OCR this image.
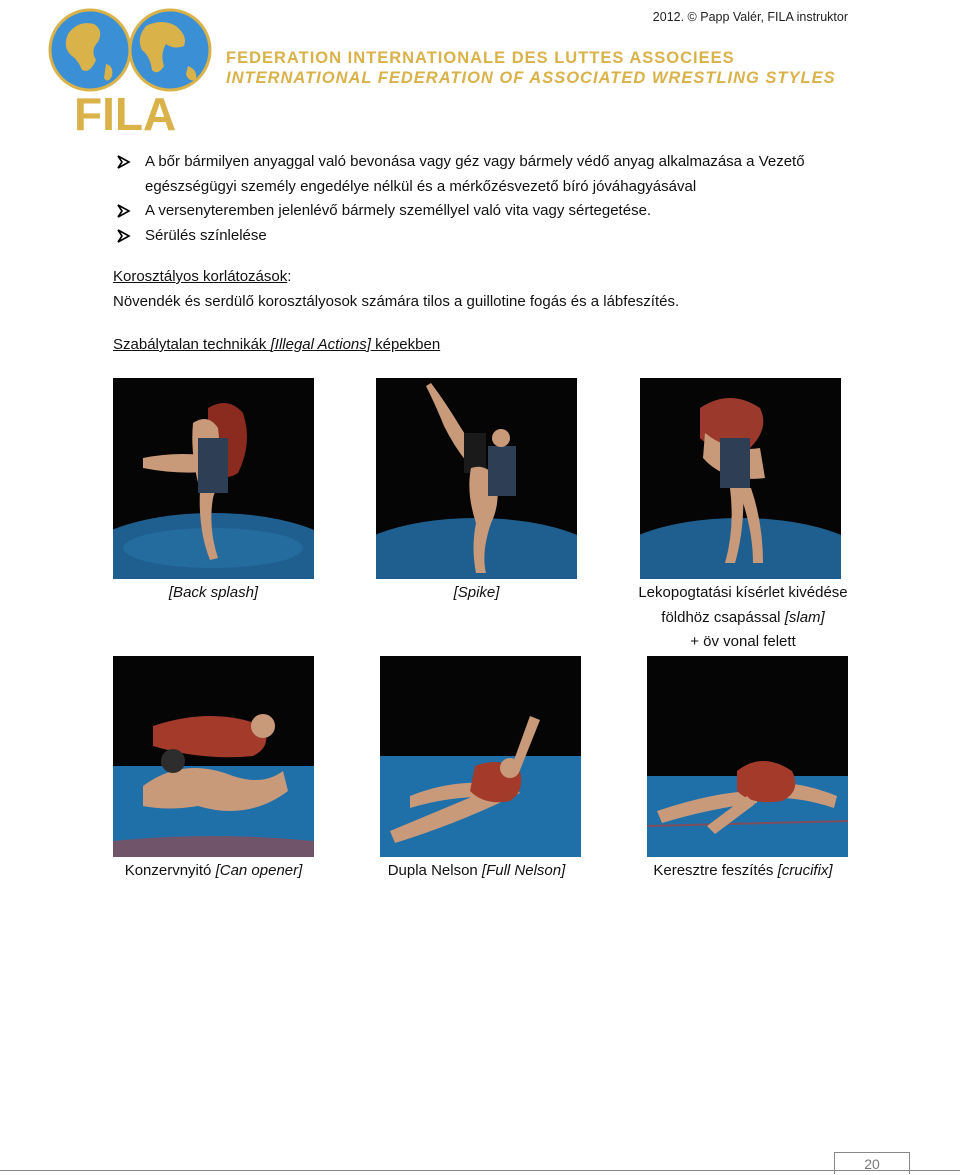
FILA
FEDERATION INTERNATIONALE DES LUTTES ASSOCIEES
INTERNATIONAL FEDERATION OF ASSOCIATED WRESTLING STYLES
2012. © Papp Valér, FILA instruktor
A bőr bármilyen anyaggal való bevonása vagy géz vagy bármely védő anyag alkalmazása a Vezető egészségügyi személy engedélye nélkül és a mérkőzésvezető bíró jóváhagyásával
A versenyteremben jelenlévő bármely személlyel való vita vagy sértegetése.
Sérülés színlelése
Korosztályos korlátozások:
Növendék és serdülő korosztályosok számára tilos a guillotine fogás és a lábfeszítés.
Szabálytalan technikák [Illegal Actions] képekben
[Back splash]	[Spike]	Lekopogtatási kísérlet kivédése
földhöz csapással [slam]
+ öv vonal felett
Konzervnyitó [Can opener]	Dupla Nelson [Full Nelson]	Keresztre feszítés [crucifix]
20
